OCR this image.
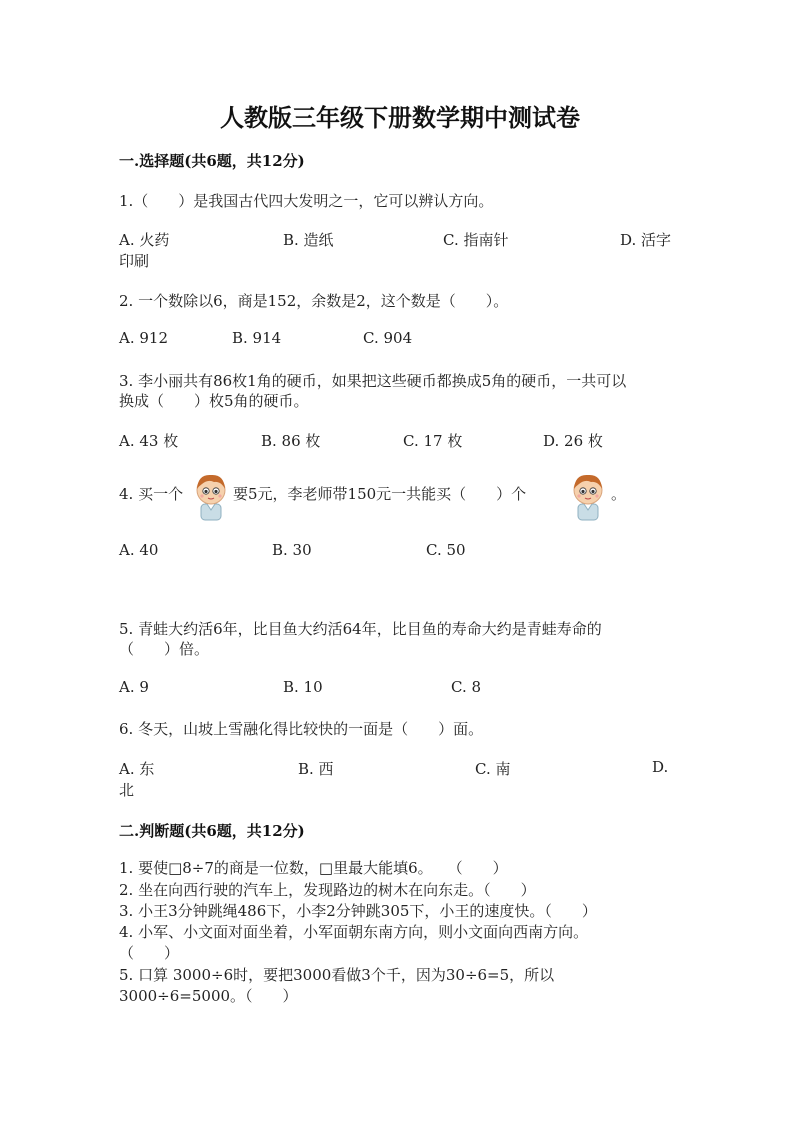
人教版三年级下册数学期中测试卷
一.选择题(共6题，共12分)
1.（　　）是我国古代四大发明之一，它可以辨认方向。
A. 火药	B. 造纸	C. 指南针	D. 活字
印刷
2. 一个数除以6，商是152，余数是2，这个数是（　　）。
A. 912	B. 914	C. 904
3. 李小丽共有86枚1角的硬币，如果把这些硬币都换成5角的硬币，一共可以
换成（　　）枚5角的硬币。
A. 43 枚	B. 86 枚	C. 17 枚	D. 26 枚
4. 买一个	要5元，李老师带150元一共能买（　　）个	。
A. 40	B. 30	C. 50
5. 青蛙大约活6年，比目鱼大约活64年，比目鱼的寿命大约是青蛙寿命的
（　　）倍。
A. 9	B. 10	C. 8
6. 冬天，山坡上雪融化得比较快的一面是（　　）面。
A. 东	B. 西	C. 南	D.
北
二.判断题(共6题，共12分)
1. 要使□8÷7的商是一位数，□里最大能填6。　　（　　）
2. 坐在向西行驶的汽车上，发现路边的树木在向东走。（　　）
3. 小王3分钟跳绳486下，小李2分钟跳305下，小王的速度快。（　　）
4. 小军、小文面对面坐着，小军面朝东南方向，则小文面向西南方向。
（　　）
5. 口算 3000÷6时，要把3000看做3个千，因为30÷6=5，所以
3000÷6=5000。（　　）
